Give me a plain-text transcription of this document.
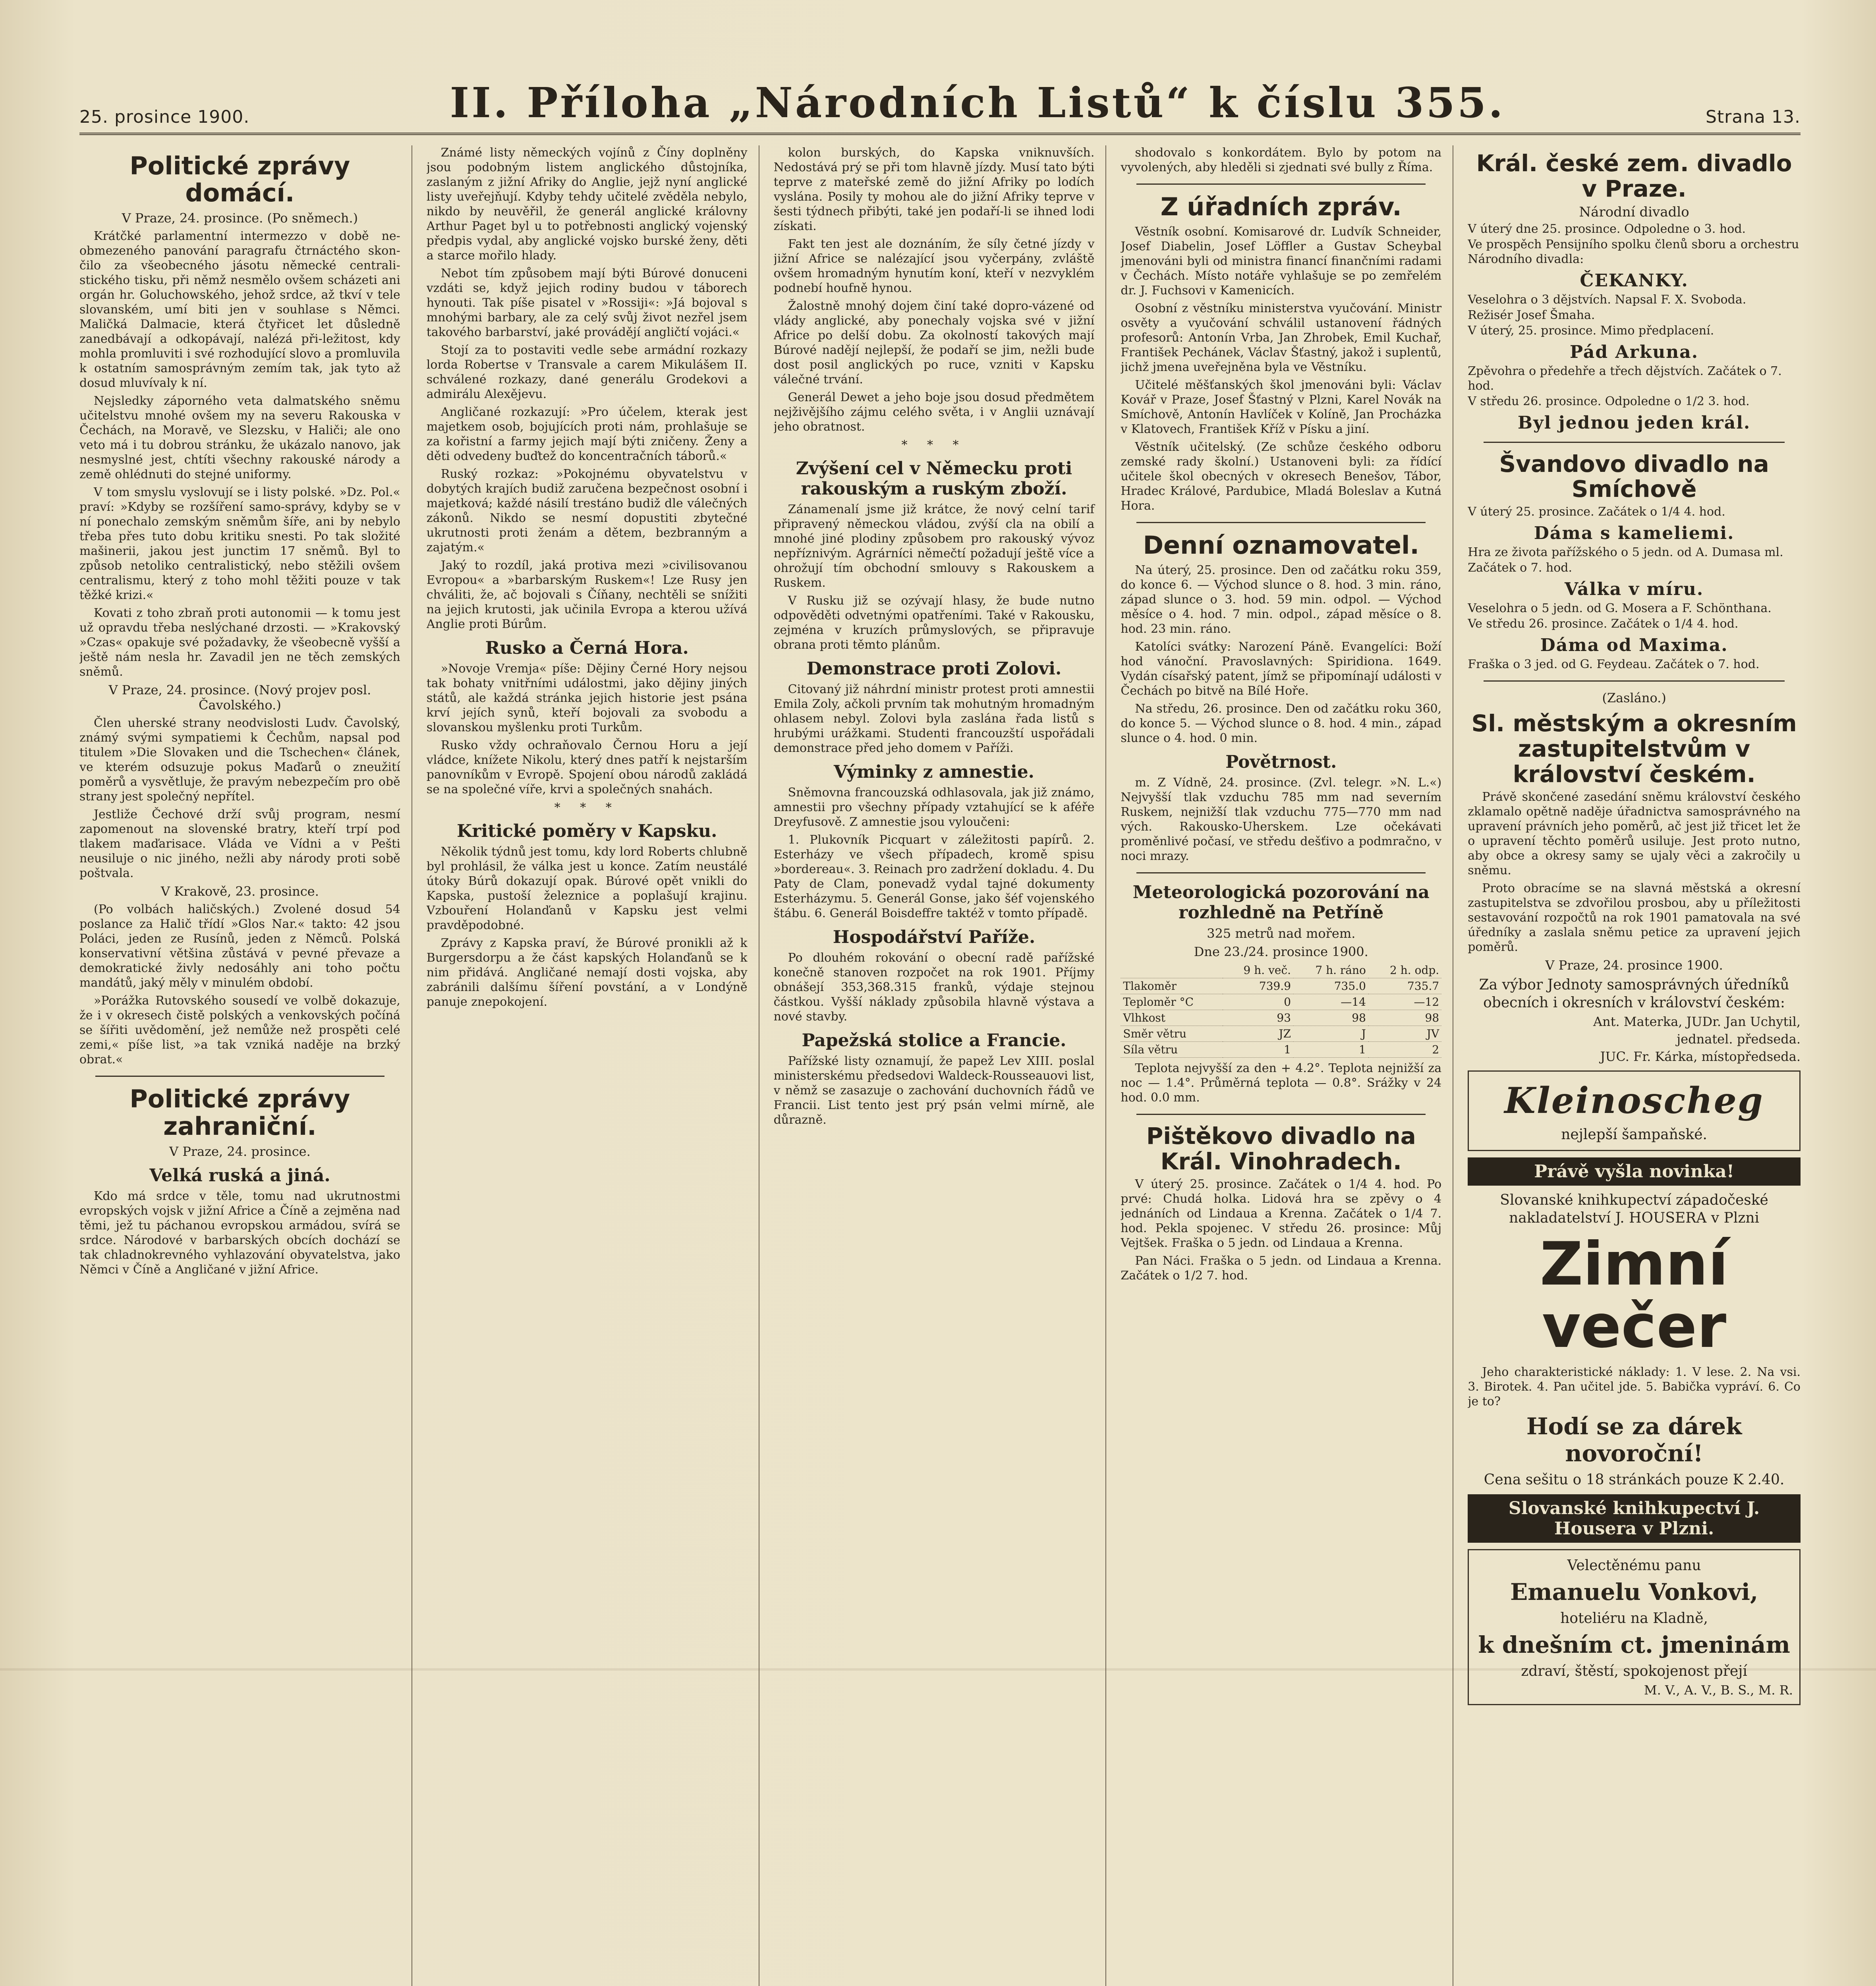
25. prosince 1900.	II. Příloha „Národních Listů“ k číslu 355.	Strana 13.
Politické zprávy domácí.
V Praze, 24. prosince. (Po sněmech.)

Krátčké parlamentní intermezzo v době ne-obmezeného panování paragrafu čtrnáctého skon-čilo za všeobecného jásotu německé centrali-stického tisku, při němž nesmělo ovšem scházeti ani orgán hr. Goluchowského, jehož srdce, až tkví v tele slovanském, umí biti jen v souhlase s Němci. Maličká Dalmacie, která čtyřicet let důsledně zanedbávají a odkopávají, nalézá při-ležitost, kdy mohla promluviti i své rozhodující slovo a promluvila k ostatním samosprávným zemím tak, jak tyto až dosud mluvívaly k ní.

Nejsledky záporného veta dalmatského sněmu učitelstvu mnohé ovšem my na severu Rakouska v Čechách, na Moravě, ve Slezsku, v Haliči; ale ono veto má i tu dobrou stránku, že ukázalo nanovo, jak nesmyslné jest, chtíti všechny rakouské národy a země ohlédnuti do stejné uniformy.

V tom smyslu vyslovují se i listy polské. »Dz. Pol.« praví: »Kdyby se rozšíření samo-správy, kdyby se v ní ponechalo zemským sněmům šíře, ani by nebylo třeba přes tuto dobu kritiku snesti. Po tak složité mašinerii, jakou jest junctim 17 sněmů. Byl to způsob netoliko centralistický, nebo stěžili ovšem centralismu, který z toho mohl těžiti pouze v tak těžké krizi.«

Kovati z toho zbraň proti autonomii — k tomu jest už opravdu třeba neslýchané drzosti. — »Krakovský »Czas« opakuje své požadavky, že všeobecně vyšší a ještě nám nesla hr. Zavadil jen ne těch zemských sněmů.

V Praze, 24. prosince. (Nový projev posl. Čavolského.)

Člen uherské strany neodvislosti Ludv. Čavolský, známý svými sympatiemi k Čechům, napsal pod titulem »Die Slovaken und die Tschechen« článek, ve kterém odsuzuje pokus Maďarů o zneužití poměrů a vysvětluje, že pravým nebezpečím pro obě strany jest společný nepřítel.

Jestliže Čechové drží svůj program, nesmí zapomenout na slovenské bratry, kteří trpí pod tlakem maďarisace. Vláda ve Vídni a v Pešti neusiluje o nic jiného, nežli aby národy proti sobě poštvala.

V Krakově, 23. prosince.

(Po volbách haličských.) Zvolené dosud 54 poslance za Halič třídí »Glos Nar.« takto: 42 jsou Poláci, jeden ze Rusínů, jeden z Němců. Polská konservativní většina zůstává v pevné převaze a demokratické živly nedosáhly ani toho počtu mandátů, jaký měly v minulém období.

»Porážka Rutovského sousedí ve volbě dokazuje, že i v okresech čistě polských a venkovských počíná se šířiti uvědomění, jež nemůže než prospěti celé zemi,« píše list, »a tak vzniká naděje na brzký obrat.«

Politické zprávy zahraniční.
V Praze, 24. prosince.
Velká ruská a jiná.

Kdo má srdce v těle, tomu nad ukrutnostmi evropských vojsk v jižní Africe a Číně a zejměna nad těmi, jež tu páchanou evropskou armádou, svírá se srdce. Národové v barbarských obcích dochází se tak chladnokrevného vyhlazování obyvatelstva, jako Němci v Číně a Angličané v jižní Africe.

Známé listy německých vojínů z Číny doplněny jsou podobným listem anglického důstojníka, zaslaným z jižní Afriky do Anglie, jejž nyní anglické listy uveřejňují. Kdyby tehdy učitelé zvěděla nebylo, nikdo by neuvěřil, že generál anglické královny Arthur Paget byl u to potřebnosti anglický vojenský předpis vydal, aby anglické vojsko burské ženy, děti a starce mořilo hlady.

Nebot tím způsobem mají býti Búrové donuceni vzdáti se, když jejich rodiny budou v táborech hynouti. Tak píše pisatel v »Rossiji«: »Já bojoval s mnohými barbary, ale za celý svůj život nezřel jsem takového barbarství, jaké provádějí angličtí vojáci.«

Stojí za to postaviti vedle sebe armádní rozkazy lorda Robertse v Transvale a carem Mikulášem II. schválené rozkazy, dané generálu Grodekovi a admirálu Alexějevu.

Angličané rozkazují: »Pro účelem, kterak jest majetkem osob, bojujících proti nám, prohlašuje se za kořistní a farmy jejich mají býti zničeny. Ženy a děti odvedeny buďtež do koncentračních táborů.«

Ruský rozkaz: »Pokojnému obyvatelstvu v dobytých krajích budiž zaručena bezpečnost osobní i majetková; každé násilí trestáno budiž dle válečných zákonů. Nikdo se nesmí dopustiti zbytečné ukrutnosti proti ženám a dětem, bezbranným a zajatým.«

Jaký to rozdíl, jaká protiva mezi »civilisovanou Evropou« a »barbarským Ruskem«! Lze Rusy jen chváliti, že, ač bojovali s Číňany, nechtěli se snížiti na jejich krutosti, jak učinila Evropa a kterou užívá Anglie proti Búrům.

Rusko a Černá Hora.

»Novoje Vremja« píše: Dějiny Černé Hory nejsou tak bohaty vnitřními událostmi, jako dějiny jiných států, ale každá stránka jejich historie jest psána krví jejích synů, kteří bojovali za svobodu a slovanskou myšlenku proti Turkům.

Rusko vždy ochraňovalo Černou Horu a její vládce, knížete Nikolu, který dnes patří k nejstarším panovníkům v Evropě. Spojení obou národů zakládá se na společné víře, krvi a společných snahách.

* * *
Kritické poměry v Kapsku.

Několik týdnů jest tomu, kdy lord Roberts chlubně byl prohlásil, že válka jest u konce. Zatím neustálé útoky Búrů dokazují opak. Búrové opět vnikli do Kapska, pustoší železnice a poplašují krajinu. Vzbouření Holanďanů v Kapsku jest velmi pravděpodobné.

Zprávy z Kapska praví, že Búrové pronikli až k Burgersdorpu a že část kapských Holanďanů se k nim přidává. Angličané nemají dosti vojska, aby zabránili dalšímu šíření povstání, a v Londýně panuje znepokojení.

kolon burských, do Kapska vniknuvších. Nedostává prý se při tom hlavně jízdy. Musí tato býti teprve z mateřské země do jižní Afriky po lodích vyslána. Posily ty mohou ale do jižní Afriky teprve v šesti týdnech přibýti, také jen podaří-li se ihned lodi získati.

Fakt ten jest ale doznáním, že síly četné jízdy v jižní Africe se nalézající jsou vyčerpány, zvláště ovšem hromadným hynutím koní, kteří v nezvyklém podnebí houfně hynou.

Žalostně mnohý dojem činí také dopro-vázené od vlády anglické, aby ponechaly vojska své v jižní Africe po delší dobu. Za okolností takových mají Búrové nadějí nejlepší, že podaří se jim, nežli bude dost posil anglických po ruce, vzniti v Kapsku válečné trvání.

Generál Dewet a jeho boje jsou dosud předmětem nejživějšího zájmu celého světa, i v Anglii uznávají jeho obratnost.

* * *
Zvýšení cel v Německu proti rakouským a ruským zboží.

Zánamenalí jsme již krátce, že nový celní tarif připravený německou vládou, zvýší cla na obilí a mnohé jiné plodiny způsobem pro rakouský vývoz nepříznivým. Agrárníci němečtí požadují ještě více a ohrožují tím obchodní smlouvy s Rakouskem a Ruskem.

V Rusku již se ozývají hlasy, že bude nutno odpověděti odvetnými opatřeními. Také v Rakousku, zejména v kruzích průmyslových, se připravuje obrana proti těmto plánům.

Demonstrace proti Zolovi.

Citovaný již náhrdní ministr protest proti amnestii Emila Zoly, ačkoli prvním tak mohutným hromadným ohlasem nebyl. Zolovi byla zaslána řada listů s hrubými urážkami. Studenti francouzští uspořádali demonstrace před jeho domem v Paříži.

Výminky z amnestie.

Sněmovna francouzská odhlasovala, jak již známo, amnestii pro všechny případy vztahující se k aféře Dreyfusově. Z amnestie jsou vyloučeni:

1. Plukovník Picquart v záležitosti papírů. 2. Esterházy ve všech případech, kromě spisu »bordereau«. 3. Reinach pro zadržení dokladu. 4. Du Paty de Clam, ponevadž vydal tajné dokumenty Esterházymu. 5. Generál Gonse, jako šéf vojenského štábu. 6. Generál Boisdeffre taktéž v tomto případě.

Hospodářství Paříže.

Po dlouhém rokování o obecní radě pařížské konečně stanoven rozpočet na rok 1901. Příjmy obnášejí 353,368.315 franků, výdaje stejnou částkou. Vyšší náklady způsobila hlavně výstava a nové stavby.

Papežská stolice a Francie.

Pařížské listy oznamují, že papež Lev XIII. poslal ministerskému předsedovi Waldeck-Rousseauovi list, v němž se zasazuje o zachování duchovních řádů ve Francii. List tento jest prý psán velmi mírně, ale důrazně.

shodovalo s konkordátem. Bylo by potom na vyvolených, aby hleděli si zjednati své bully z Říma.

Z úřadních zpráv.

Věstník osobní. Komisarové dr. Ludvík Schneider, Josef Diabelin, Josef Löffler a Gustav Scheybal jmenováni byli od ministra financí finančními radami v Čechách. Místo notáře vyhlašuje se po zemřelém dr. J. Fuchsovi v Kamenicích.

Osobní z věstníku ministerstva vyučování. Ministr osvěty a vyučování schválil ustanovení řádných profesorů: Antonín Vrba, Jan Zhrobek, Emil Kuchař, František Pechánek, Václav Šťastný, jakož i suplentů, jichž jmena uveřejněna byla ve Věstníku.

Učitelé měšťanských škol jmenováni byli: Václav Kovář v Praze, Josef Šťastný v Plzni, Karel Novák na Smíchově, Antonín Havlíček v Kolíně, Jan Procházka v Klatovech, František Kříž v Písku a jiní.

Věstník učitelský. (Ze schůze českého odboru zemské rady školní.) Ustanoveni byli: za řídící učitele škol obecných v okresech Benešov, Tábor, Hradec Králové, Pardubice, Mladá Boleslav a Kutná Hora.

Denní oznamovatel.

Na úterý, 25. prosince. Den od začátku roku 359, do konce 6. — Východ slunce o 8. hod. 3 min. ráno, západ slunce o 3. hod. 59 min. odpol. — Východ měsíce o 4. hod. 7 min. odpol., západ měsíce o 8. hod. 23 min. ráno.

Katolíci svátky: Narození Páně. Evangelíci: Boží hod vánoční. Pravoslavných: Spiridiona. 1649. Vydán císařský patent, jímž se připomínají události v Čechách po bitvě na Bílé Hoře.

Na středu, 26. prosince. Den od začátku roku 360, do konce 5. — Východ slunce o 8. hod. 4 min., západ slunce o 4. hod. 0 min.

Povětrnost.

m. Z Vídně, 24. prosince. (Zvl. telegr. »N. L.«) Nejvyšší tlak vzduchu 785 mm nad severním Ruskem, nejnižší tlak vzduchu 775—770 mm nad vých. Rakousko-Uherskem. Lze očekávati proměnlivé počasí, ve středu dešťivo a podmračno, v noci mrazy.

Meteorologická pozorování na rozhledně na Petříně
325 metrů nad mořem.
Dne 23./24. prosince 1900.
	9 h. več.	7 h. ráno	2 h. odp.
Tlakoměr	739.9	735.0	735.7
Teploměr °C	0	—14	—12
Vlhkost	93	98	98
Směr větru	JZ	J	JV
Síla větru	1	1	2

Teplota nejvyšší za den + 4.2°. Teplota nejnižší za noc — 1.4°. Průměrná teplota — 0.8°. Srážky v 24 hod. 0.0 mm.

Pištěkovo divadlo na Král. Vinohradech.

V úterý 25. prosince. Začátek o 1/4 4. hod. Po prvé: Chudá holka. Lidová hra se zpěvy o 4 jednáních od Lindaua a Krenna. Začátek o 1/4 7. hod. Pekla spojenec. V středu 26. prosince: Můj Vejtšek. Fraška o 5 jedn. od Lindaua a Krenna.

Pan Náci. Fraška o 5 jedn. od Lindaua a Krenna. Začátek o 1/2 7. hod.

Král. české zem. divadlo v Praze.
Národní divadlo
V úterý dne 25. prosince. Odpoledne o 3. hod.
Ve prospěch Pensijního spolku členů sboru a orchestru Národního divadla:
ČEKANKY.
Veselohra o 3 dějstvích. Napsal F. X. Svoboda.
Režisér Josef Šmaha.
V úterý, 25. prosince. Mimo předplacení.
Pád Arkuna.
Zpěvohra o předehře a třech dějstvích. Začátek o 7. hod.
V středu 26. prosince. Odpoledne o 1/2 3. hod.
Byl jednou jeden král.
Švandovo divadlo na Smíchově
V úterý 25. prosince. Začátek o 1/4 4. hod.
Dáma s kameliemi.
Hra ze života pařížského o 5 jedn. od A. Dumasa ml.
Začátek o 7. hod.
Válka v míru.
Veselohra o 5 jedn. od G. Mosera a F. Schönthana.
Ve středu 26. prosince. Začátek o 1/4 4. hod.
Dáma od Maxima.
Fraška o 3 jed. od G. Feydeau. Začátek o 7. hod.
(Zasláno.)
Sl. městským a okresním zastupitelstvům v království českém.

Právě skončené zasedání sněmu království českého zklamalo opětně naděje úřadnictva samosprávného na upravení právních jeho poměrů, ač jest již třicet let že o upravení těchto poměrů usiluje. Jest proto nutno, aby obce a okresy samy se ujaly věci a zakročily u sněmu.

Proto obracíme se na slavná městská a okresní zastupitelstva se zdvořilou prosbou, aby u příležitosti sestavování rozpočtů na rok 1901 pamatovala na své úředníky a zaslala sněmu petice za upravení jejich poměrů.

V Praze, 24. prosince 1900.
Za výbor Jednoty samosprávných úředníků obecních i okresních v království českém:
Ant. Materka, JUDr. Jan Uchytil,
jednatel. předseda.
JUC. Fr. Kárka, místopředseda.
Kleinoscheg
nejlepší šampaňské.
Právě vyšla novinka!
Slovanské knihkupectví západočeské nakladatelství J. HOUSERA v Plzni
Zimní večer

Jeho charakteristické náklady: 1. V lese. 2. Na vsi. 3. Birotek. 4. Pan učitel jde. 5. Babička vypráví. 6. Co je to?

Hodí se za dárek novoroční!
Cena sešitu o 18 stránkách pouze K 2.40.
Slovanské knihkupectví J. Housera v Plzni.
Velectěnému panu
Emanuelu Vonkovi,
hoteliéru na Kladně,
k dnešním ct. jmeninám
zdraví, štěstí, spokojenost přejí
M. V., A. V., B. S., M. R.
